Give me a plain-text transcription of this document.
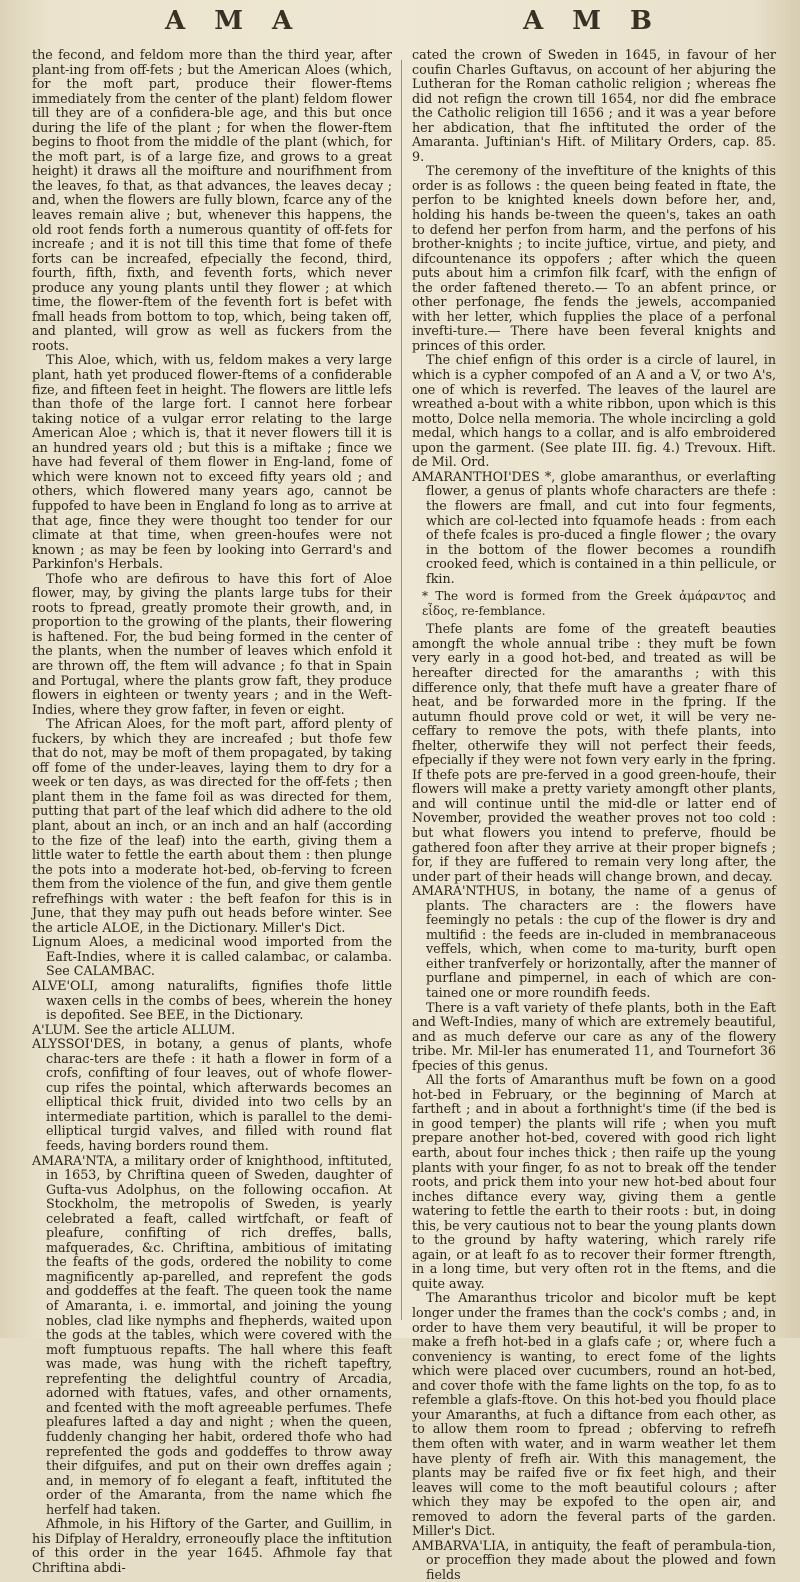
A M A	A M B

the fecond, and feldom more than the third year, after plant-ing from off-fets ; but the American Aloes (which, for the moft part, produce their flower-ftems immediately from the center of the plant) feldom flower till they are of a confidera-ble age, and this but once during the life of the plant ; for when the flower-ftem begins to fhoot from the middle of the plant (which, for the moft part, is of a large fize, and grows to a great height) it draws all the moifture and nourifhment from the leaves, fo that, as that advances, the leaves decay ; and, when the flowers are fully blown, fcarce any of the leaves remain alive ; but, whenever this happens, the old root fends forth a numerous quantity of off-fets for increafe ; and it is not till this time that fome of thefe forts can be increafed, efpecially the fecond, third, fourth, fifth, fixth, and feventh forts, which never produce any young plants until they flower ; at which time, the flower-ftem of the feventh fort is befet with fmall heads from bottom to top, which, being taken off, and planted, will grow as well as fuckers from the roots.

This Aloe, which, with us, feldom makes a very large plant, hath yet produced flower-ftems of a confiderable fize, and fifteen feet in height. The flowers are little lefs than thofe of the large fort. I cannot here forbear taking notice of a vulgar error relating to the large American Aloe ; which is, that it never flowers till it is an hundred years old ; but this is a miftake ; fince we have had feveral of them flower in Eng-land, fome of which were known not to exceed fifty years old ; and others, which flowered many years ago, cannot be fuppofed to have been in England fo long as to arrive at that age, fince they were thought too tender for our climate at that time, when green-houfes were not known ; as may be feen by looking into Gerrard's and Parkinfon's Herbals.

Thofe who are defirous to have this fort of Aloe flower, may, by giving the plants large tubs for their roots to fpread, greatly promote their growth, and, in proportion to the growing of the plants, their flowering is haftened. For, the bud being formed in the center of the plants, when the number of leaves which enfold it are thrown off, the ftem will advance ; fo that in Spain and Portugal, where the plants grow faft, they produce flowers in eighteen or twenty years ; and in the Weft-Indies, where they grow fafter, in feven or eight.

The African Aloes, for the moft part, afford plenty of fuckers, by which they are increafed ; but thofe few that do not, may be moft of them propagated, by taking off fome of the under-leaves, laying them to dry for a week or ten days, as was directed for the off-fets ; then plant them in the fame foil as was directed for them, putting that part of the leaf which did adhere to the old plant, about an inch, or an inch and an half (according to the fize of the leaf) into the earth, giving them a little water to fettle the earth about them : then plunge the pots into a moderate hot-bed, ob-ferving to fcreen them from the violence of the fun, and give them gentle refrefhings with water : the beft feafon for this is in June, that they may pufh out heads before winter. See the article ALOE, in the Dictionary. Miller's Dict.

Lignum Aloes, a medicinal wood imported from the Eaft-Indies, where it is called calambac, or calamba. See CALAMBAC.

ALVE'OLI, among naturalifts, fignifies thofe little waxen cells in the combs of bees, wherein the honey is depofited. See BEE, in the Dictionary.

A'LUM. See the article ALLUM.

ALYSSOI'DES, in botany, a genus of plants, whofe charac-ters are thefe : it hath a flower in form of a crofs, confifting of four leaves, out of whofe flower-cup rifes the pointal, which afterwards becomes an elliptical thick fruit, divided into two cells by an intermediate partition, which is parallel to the demi-elliptical turgid valves, and filled with round flat feeds, having borders round them.

AMARA'NTA, a military order of knighthood, inftituted, in 1653, by Chriftina queen of Sweden, daughter of Gufta-vus Adolphus, on the following occafion. At Stockholm, the metropolis of Sweden, is yearly celebrated a feaft, called wirtfchaft, or feaft of pleafure, confifting of rich dreffes, balls, mafquerades, &c. Chriftina, ambitious of imitating the feafts of the gods, ordered the nobility to come magnificently ap-parelled, and reprefent the gods and goddeffes at the feaft. The queen took the name of Amaranta, i. e. immortal, and joining the young nobles, clad like nymphs and fhepherds, waited upon the gods at the tables, which were covered with the moft fumptuous repafts. The hall where this feaft was made, was hung with the richeft tapeftry, reprefenting the delightful country of Arcadia, adorned with ftatues, vafes, and other ornaments, and fcented with the moft agreeable perfumes. Thefe pleafures lafted a day and night ; when the queen, fuddenly changing her habit, ordered thofe who had reprefented the gods and goddeffes to throw away their difguifes, and put on their own dreffes again ; and, in memory of fo elegant a feaft, inftituted the order of the Amaranta, from the name which fhe herfelf had taken.

Afhmole, in his Hiftory of the Garter, and Guillim, in his Difplay of Heraldry, erroneoufly place the inftitution of this order in the year 1645. Afhmole fay that Chriftina abdi-

cated the crown of Sweden in 1645, in favour of her coufin Charles Guftavus, on account of her abjuring the Lutheran for the Roman catholic religion ; whereas fhe did not refign the crown till 1654, nor did fhe embrace the Catholic religion till 1656 ; and it was a year before her abdication, that fhe inftituted the order of the Amaranta. Juftinian's Hift. of Military Orders, cap. 85. 9.

The ceremony of the inveftiture of the knights of this order is as follows : the queen being feated in ftate, the perfon to be knighted kneels down before her, and, holding his hands be-tween the queen's, takes an oath to defend her perfon from harm, and the perfons of his brother-knights ; to incite juftice, virtue, and piety, and difcountenance its oppofers ; after which the queen puts about him a crimfon filk fcarf, with the enfign of the order faftened thereto.— To an abfent prince, or other perfonage, fhe fends the jewels, accompanied with her letter, which fupplies the place of a perfonal invefti-ture.— There have been feveral knights and princes of this order.

The chief enfign of this order is a circle of laurel, in which is a cypher compofed of an A and a V, or two A's, one of which is reverfed. The leaves of the laurel are wreathed a-bout with a white ribbon, upon which is this motto, Dolce nella memoria. The whole incircling a gold medal, which hangs to a collar, and is alfo embroidered upon the garment. (See plate III. fig. 4.) Trevoux. Hift. de Mil. Ord.

AMARANTHOI'DES *, globe amaranthus, or everlafting flower, a genus of plants whofe characters are thefe : the flowers are fmall, and cut into four fegments, which are col-lected into fquamofe heads : from each of thefe fcales is pro-duced a fingle flower ; the ovary in the bottom of the flower becomes a roundifh crooked feed, which is contained in a thin pellicule, or fkin.

* The word is formed from the Greek ἀμάραντος and εἶδος, re-femblance.

Thefe plants are fome of the greateft beauties amongft the whole annual tribe : they muft be fown very early in a good hot-bed, and treated as will be hereafter directed for the amaranths ; with this difference only, that thefe muft have a greater fhare of heat, and be forwarded more in the fpring. If the autumn fhould prove cold or wet, it will be very ne-ceffary to remove the pots, with thefe plants, into fhelter, otherwife they will not perfect their feeds, efpecially if they were not fown very early in the fpring. If thefe pots are pre-ferved in a good green-houfe, their flowers will make a pretty variety amongft other plants, and will continue until the mid-dle or latter end of November, provided the weather proves not too cold : but what flowers you intend to preferve, fhould be gathered foon after they arrive at their proper bignefs ; for, if they are fuffered to remain very long after, the under part of their heads will change brown, and decay.

AMARA'NTHUS, in botany, the name of a genus of plants. The characters are : the flowers have feemingly no petals : the cup of the flower is dry and multifid : the feeds are in-cluded in membranaceous veffels, which, when come to ma-turity, burft open either tranfverfely or horizontally, after the manner of purflane and pimpernel, in each of which are con-tained one or more roundifh feeds.

There is a vaft variety of thefe plants, both in the Eaft and Weft-Indies, many of which are extremely beautiful, and as much deferve our care as any of the flowery tribe. Mr. Mil-ler has enumerated 11, and Tournefort 36 fpecies of this genus.

All the forts of Amaranthus muft be fown on a good hot-bed in February, or the beginning of March at fartheft ; and in about a forthnight's time (if the bed is in good temper) the plants will rife ; when you muft prepare another hot-bed, covered with good rich light earth, about four inches thick ; then raife up the young plants with your finger, fo as not to break off the tender roots, and prick them into your new hot-bed about four inches diftance every way, giving them a gentle watering to fettle the earth to their roots : but, in doing this, be very cautious not to bear the young plants down to the ground by hafty watering, which rarely rife again, or at leaft fo as to recover their former ftrength, in a long time, but very often rot in the ftems, and die quite away.

The Amaranthus tricolor and bicolor muft be kept longer under the frames than the cock's combs ; and, in order to have them very beautiful, it will be proper to make a frefh hot-bed in a glafs cafe ; or, where fuch a conveniency is wanting, to erect fome of the lights which were placed over cucumbers, round an hot-bed, and cover thofe with the fame lights on the top, fo as to refemble a glafs-ftove. On this hot-bed you fhould place your Amaranths, at fuch a diftance from each other, as to allow them room to fpread ; obferving to refrefh them often with water, and in warm weather let them have plenty of frefh air. With this management, the plants may be raifed five or fix feet high, and their leaves will come to the moft beautiful colours ; after which they may be expofed to the open air, and removed to adorn the feveral parts of the garden. Miller's Dict.

AMBARVA'LIA, in antiquity, the feaft of perambula-tion, or proceffion they made about the plowed and fown fields
